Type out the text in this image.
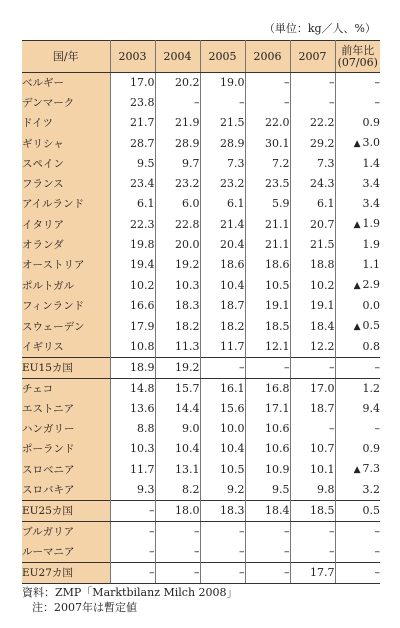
（単位：kg／人、%）
国/年	2003	2004	2005	2006	2007	前年比
(07/06)

ベルギー	17.0	20.2	19.0	–	–	–
デンマーク	23.8	–	–	–	–	–
ドイツ	21.7	21.9	21.5	22.0	22.2	0.9
ギリシャ	28.7	28.9	28.9	30.1	29.2	▲ 3.0
スペイン	9.5	9.7	7.3	7.2	7.3	1.4
フランス	23.4	23.2	23.2	23.5	24.3	3.4
アイルランド	6.1	6.0	6.1	5.9	6.1	3.4
イタリア	22.3	22.8	21.4	21.1	20.7	▲ 1.9
オランダ	19.8	20.0	20.4	21.1	21.5	1.9
オーストリア	19.4	19.2	18.6	18.6	18.8	1.1
ポルトガル	10.2	10.3	10.4	10.5	10.2	▲ 2.9
フィンランド	16.6	18.3	18.7	19.1	19.1	0.0
スウェーデン	17.9	18.2	18.2	18.5	18.4	▲ 0.5
イギリス	10.8	11.3	11.7	12.1	12.2	0.8
EU15カ国	18.9	19.2	–	–	–	–
チェコ	14.8	15.7	16.1	16.8	17.0	1.2
エストニア	13.6	14.4	15.6	17.1	18.7	9.4
ハンガリー	8.8	9.0	10.0	10.6	–	–
ポーランド	10.3	10.4	10.4	10.6	10.7	0.9
スロベニア	11.7	13.1	10.5	10.9	10.1	▲ 7.3
スロバキア	9.3	8.2	9.2	9.5	9.8	3.2
EU25カ国	–	18.0	18.3	18.4	18.5	0.5
ブルガリア	–	–	–	–	–	–
ルーマニア	–	–	–	–	–	–
EU27カ国	–	–	–	–	17.7	–
資料：ZMP「Marktbilanz Milch 2008」
注：2007年は暫定値
